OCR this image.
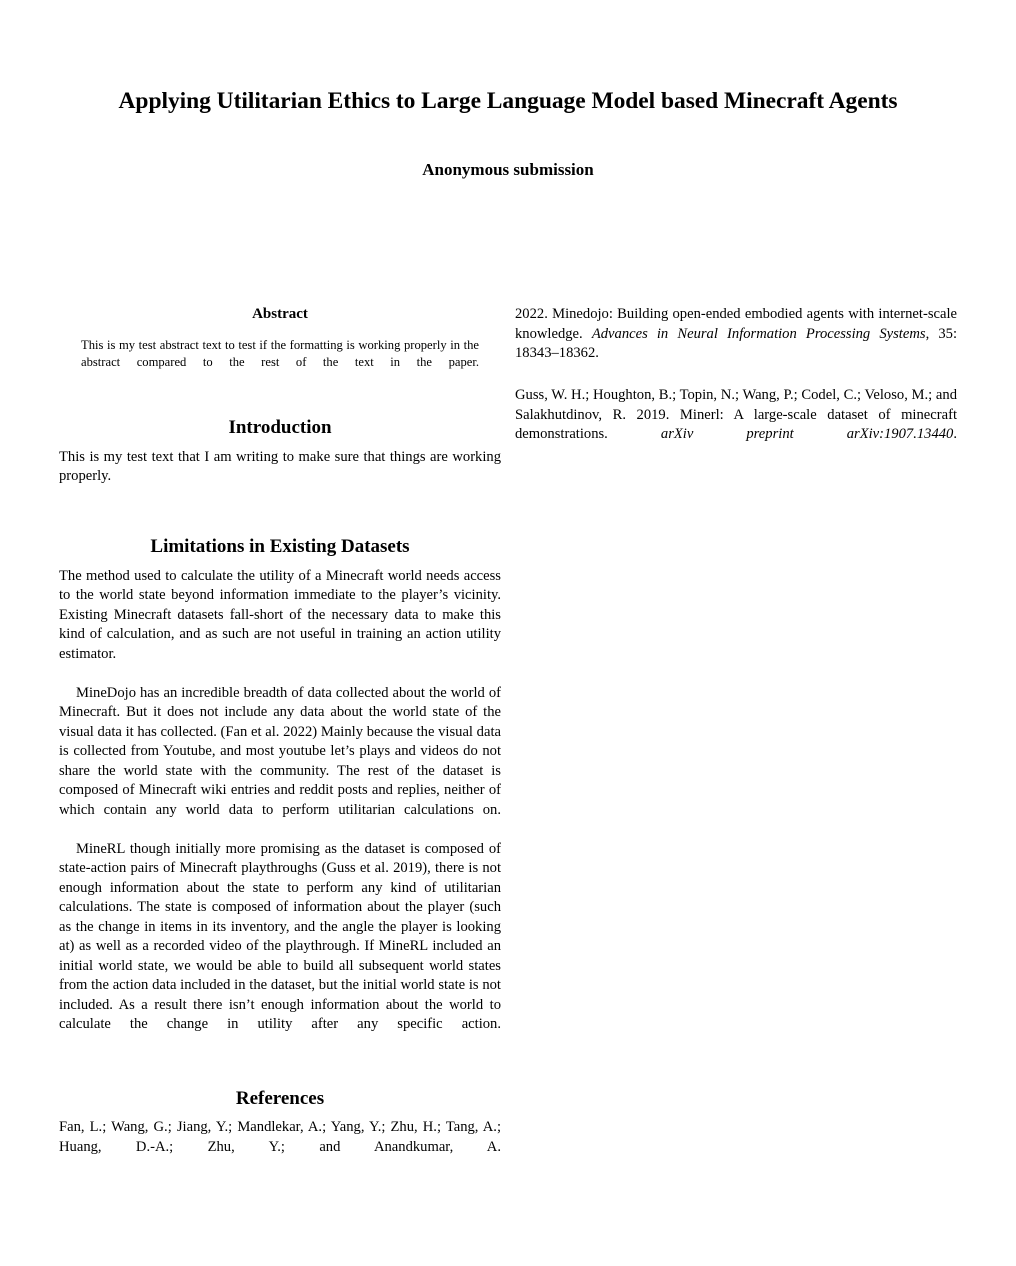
Applying Utilitarian Ethics to Large Language Model based Minecraft Agents

Anonymous submission

Abstract

This is my test abstract text to test if the formatting is working properly in the abstract compared to the rest of the text in the paper.

Introduction

This is my test text that I am writing to make sure that things are working properly.

Limitations in Existing Datasets

The method used to calculate the utility of a Minecraft world needs access to the world state beyond information immediate to the player’s vicinity. Existing Minecraft datasets fall-short of the necessary data to make this kind of calculation, and as such are not useful in training an action utility estimator.

MineDojo has an incredible breadth of data collected about the world of Minecraft. But it does not include any data about the world state of the visual data it has collected. (Fan et al. 2022) Mainly because the visual data is collected from Youtube, and most youtube let’s plays and videos do not share the world state with the community. The rest of the dataset is composed of Minecraft wiki entries and reddit posts and replies, neither of which contain any world data to perform utilitarian calculations on.

MineRL though initially more promising as the dataset is composed of state-action pairs of Minecraft playthroughs (Guss et al. 2019), there is not enough information about the state to perform any kind of utilitarian calculations. The state is composed of information about the player (such as the change in items in its inventory, and the angle the player is looking at) as well as a recorded video of the playthrough. If MineRL included an initial world state, we would be able to build all subsequent world states from the action data included in the dataset, but the initial world state is not included. As a result there isn’t enough information about the world to calculate the change in utility after any specific action.

References

Fan, L.; Wang, G.; Jiang, Y.; Mandlekar, A.; Yang, Y.; Zhu, H.; Tang, A.; Huang, D.-A.; Zhu, Y.; and Anandkumar, A.

2022. Minedojo: Building open-ended embodied agents with internet-scale knowledge. Advances in Neural Information Processing Systems, 35: 18343–18362.

Guss, W. H.; Houghton, B.; Topin, N.; Wang, P.; Codel, C.; Veloso, M.; and Salakhutdinov, R. 2019. Minerl: A large-scale dataset of minecraft demonstrations. arXiv preprint arXiv:1907.13440.
